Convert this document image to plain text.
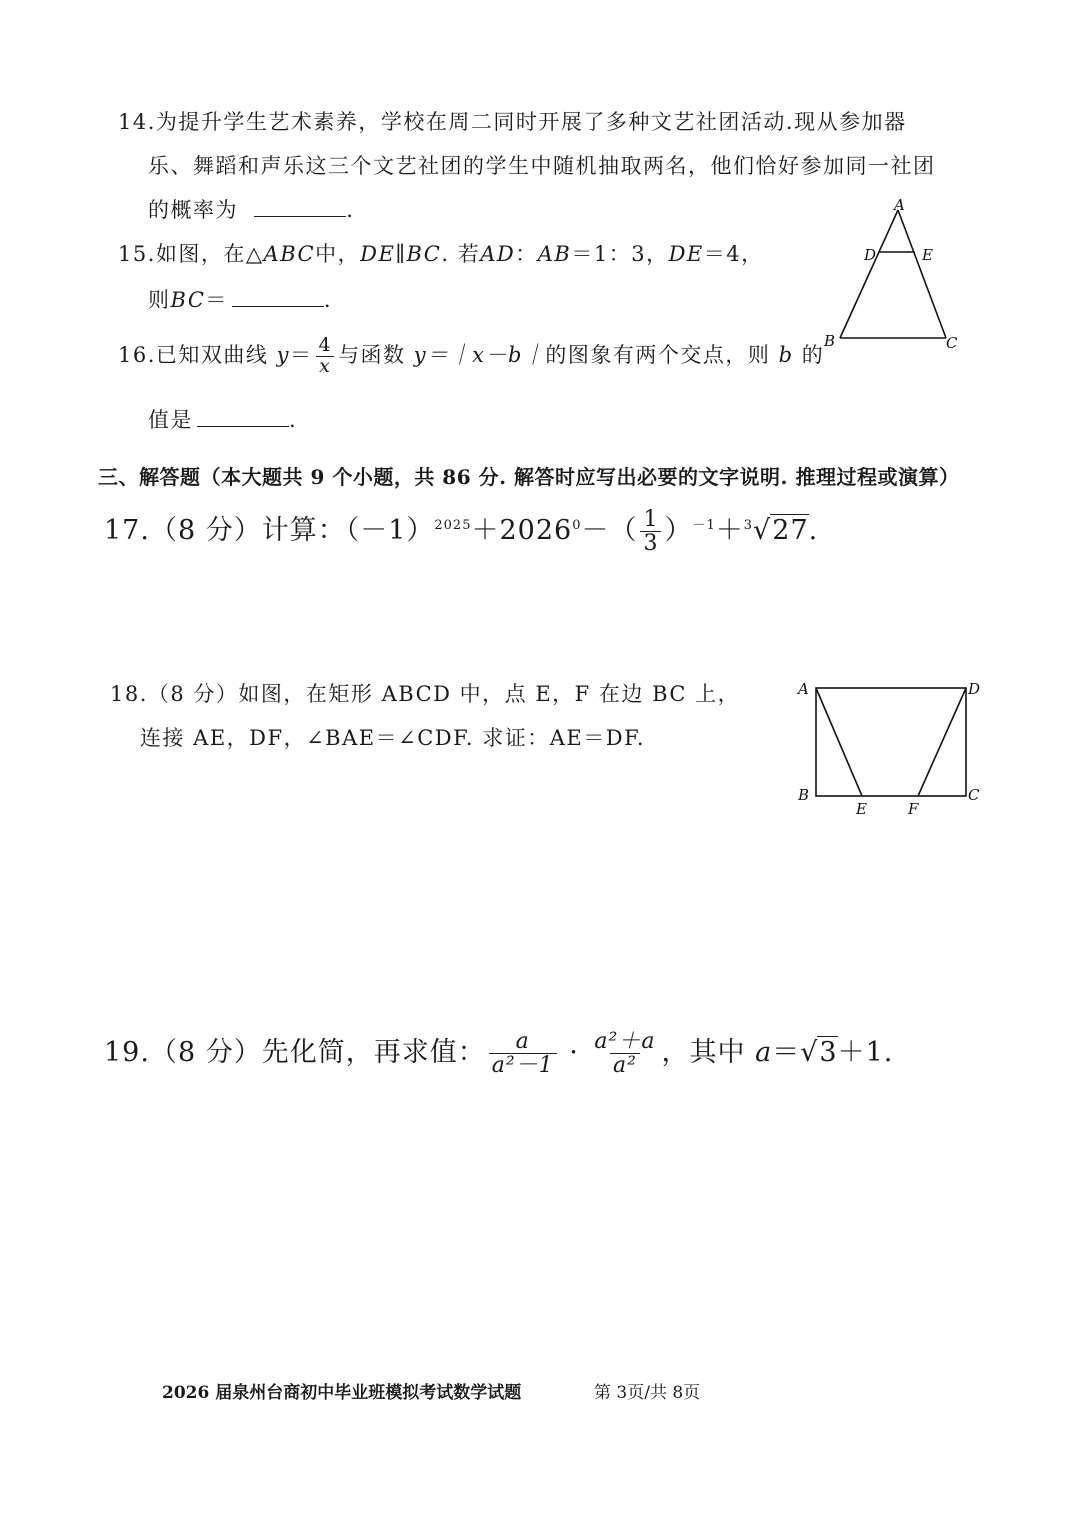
14.为提升学生艺术素养，学校在周二同时开展了多种文艺社团活动.现从参加器
乐、舞蹈和声乐这三个文艺社团的学生中随机抽取两名，他们恰好参加同一社团
的概率为	.
15.如图，在△ABC中，DE∥BC. 若AD：AB＝1：3，DE＝4，
则BC＝	.
A
D	E
B	C
16.已知双曲线 $y= \frac{4}{x}$ 与函数 y＝｜x－b｜的图象有两个交点，则 b 的
值是	.
三、解答题（本大题共 9 个小题，共 86 分. 解答时应写出必要的文字说明. 推理过程或演算）
17.（8 分）计算：$(-1)^{2025}+2026^0-( \frac{1}{3} )^{-1}+^3√27$.
18.（8 分）如图，在矩形 ABCD 中，点 E，F 在边 BC 上，
连接 AE，DF，∠BAE＝∠CDF. 求证：AE＝DF.
A	D
B	C
E	F
19.（8 分）先化简，再求值： $\frac{a}{\text{a²－1}} \cdot \frac{\text{a²＋a}}{\text{a²}}$ ，其中 a＝√3＋1.
2026 届泉州台商初中毕业班模拟考试数学试题	第 3页/共 8页
